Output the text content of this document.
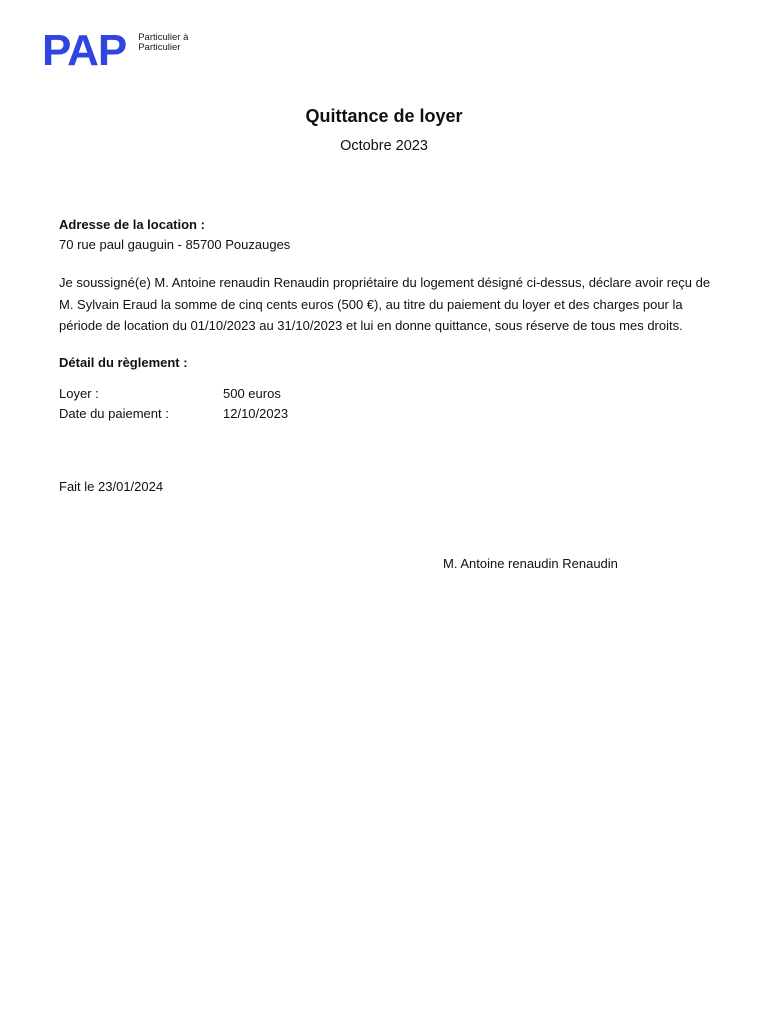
PAP Particulier à
Particulier
Quittance de loyer
Octobre 2023
Adresse de la location :
70 rue paul gauguin - 85700 Pouzauges
Je soussigné(e) M. Antoine renaudin Renaudin propriétaire du logement désigné ci-dessus, déclare avoir reçu de
M. Sylvain Eraud la somme de cinq cents euros (500 €), au titre du paiement du loyer et des charges pour la
période de location du 01/10/2023 au 31/10/2023 et lui en donne quittance, sous réserve de tous mes droits.
Détail du règlement :
Loyer :	500 euros
Date du paiement :	12/10/2023
Fait le 23/01/2024
M. Antoine renaudin Renaudin
